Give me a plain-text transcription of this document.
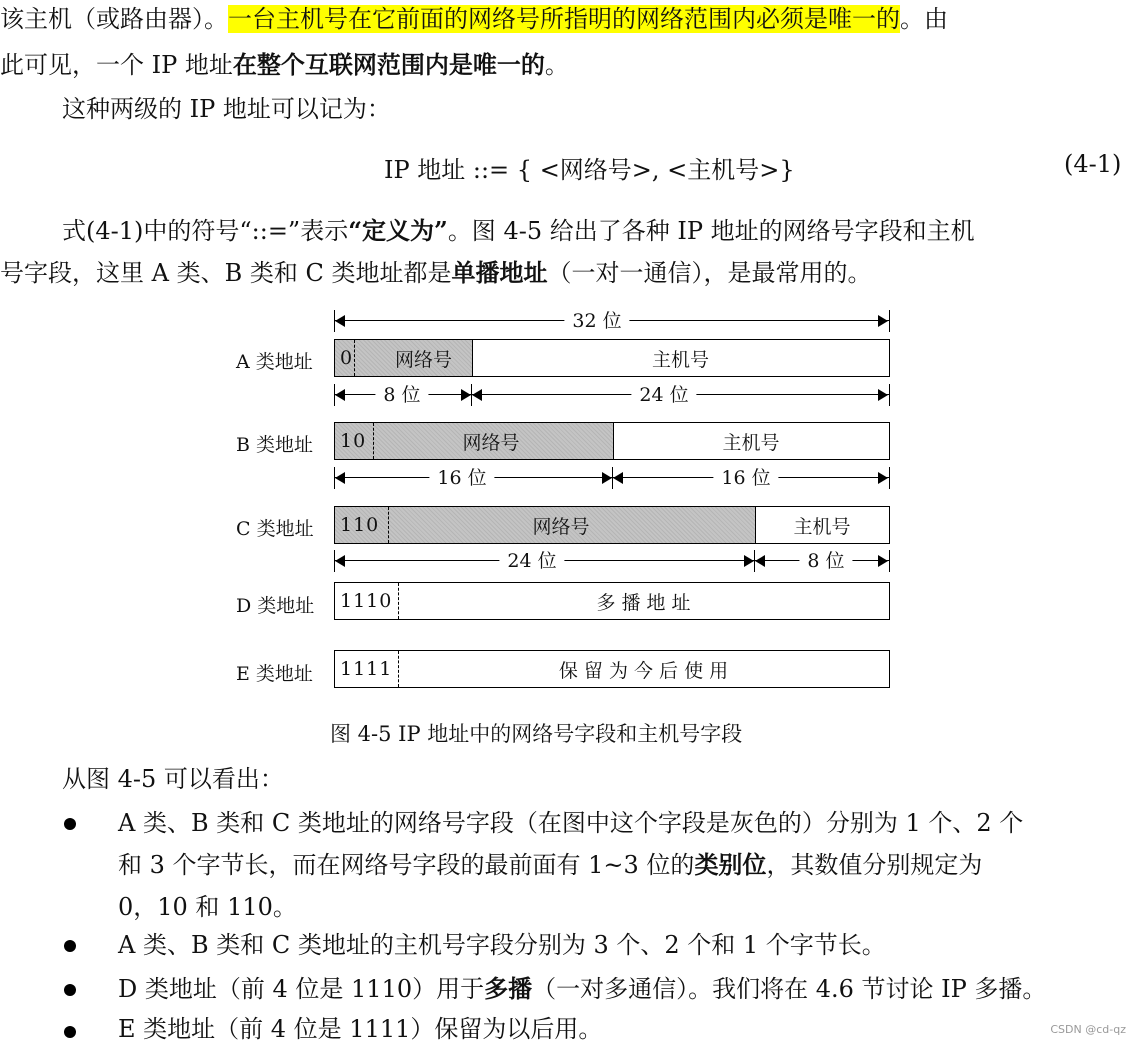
该主机（或路由器）。一台主机号在它前面的网络号所指明的网络范围内必须是唯一的。由
此可见，一个 IP 地址在整个互联网范围内是唯一的。
这种两级的 IP 地址可以记为：
IP 地址 ::= { <网络号>, <主机号>}	(4-1)
式(4-1)中的符号“::=”表示“定义为”。图 4-5 给出了各种 IP 地址的网络号字段和主机
号字段，这里 A 类、B 类和 C 类地址都是单播地址（一对一通信），是最常用的。
32 位
A 类地址	网络号
0	主机号
8 位	24 位
B 类地址	网络号
10	主机号
16 位	16 位
C 类地址	网络号
110	主机号
24 位	8 位
D 类地址 1110	多 播 地 址
E 类地址 1111	保 留 为 今 后 使 用
图 4-5 IP 地址中的网络号字段和主机号字段
从图 4-5 可以看出：
A 类、B 类和 C 类地址的网络号字段（在图中这个字段是灰色的）分别为 1 个、2 个
和 3 个字节长，而在网络号字段的最前面有 1~3 位的类别位，其数值分别规定为
0，10 和 110。
A 类、B 类和 C 类地址的主机号字段分别为 3 个、2 个和 1 个字节长。
D 类地址（前 4 位是 1110）用于多播（一对多通信）。我们将在 4.6 节讨论 IP 多播。
E 类地址（前 4 位是 1111）保留为以后用。	CSDN @cd-qz
